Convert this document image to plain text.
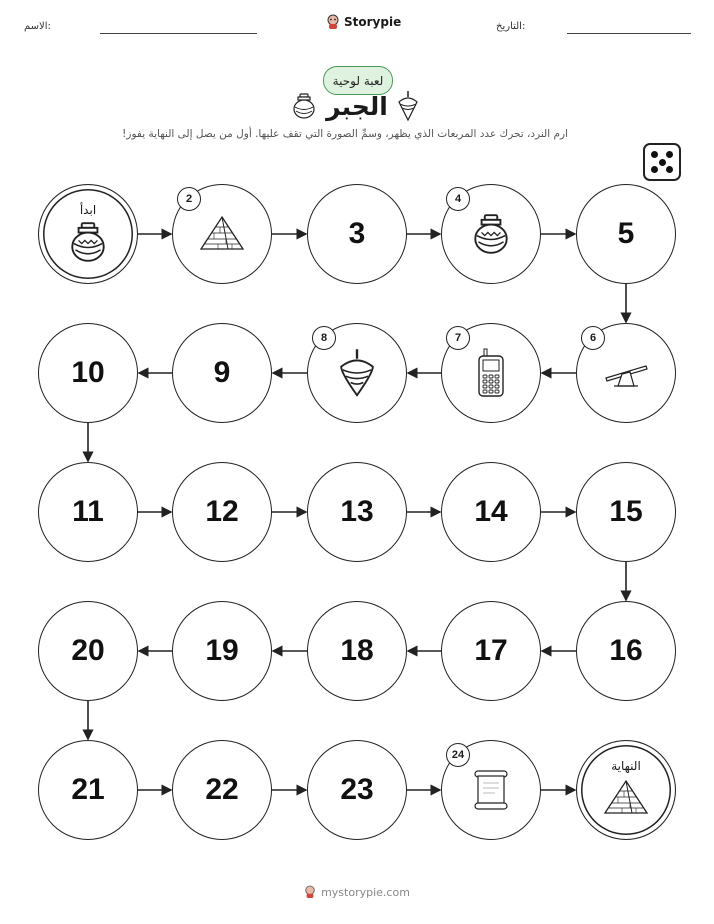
الاسم:	Storypie	التاريخ:
لعبة لوحية
الجبر
ارم النرد، تحرك عدد المربعات الذي يظهر، وسمِّ الصورة التي تقف عليها. أول من يصل إلى النهاية يفوز!
ابدأ
2
3
4
5
6
7
8
9
10
11	12	13	14	15
16
17
18
19
20
21	22	23
24
النهاية
mystorypie.com
